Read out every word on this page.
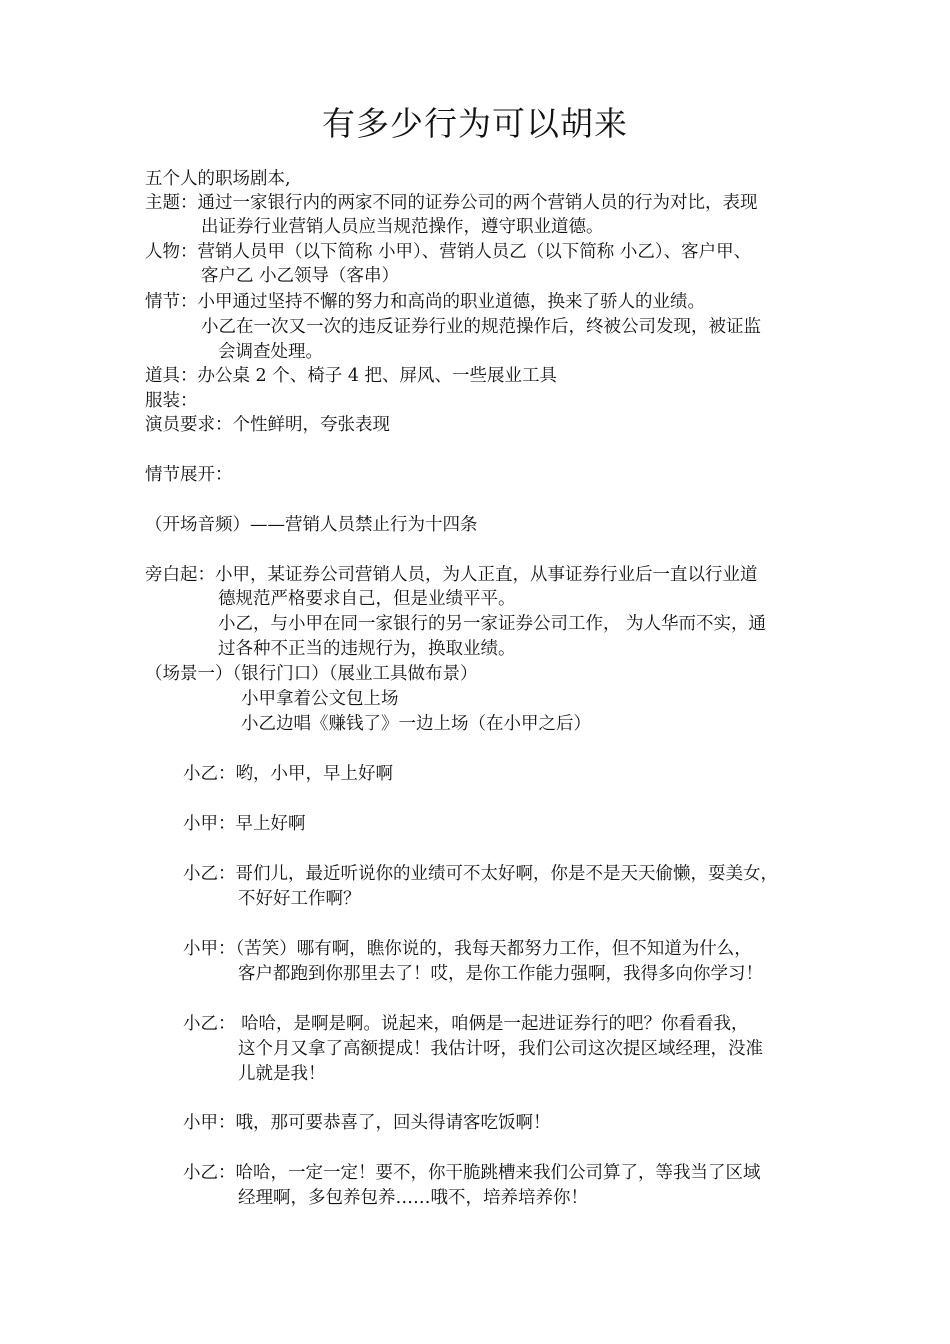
有多少行为可以胡来
五个人的职场剧本,
主题：通过一家银行内的两家不同的证券公司的两个营销人员的行为对比，表现
出证券行业营销人员应当规范操作，遵守职业道德。
人物：营销人员甲（以下简称 小甲）、营销人员乙（以下简称 小乙）、客户甲、
客户乙 小乙领导（客串）
情节：小甲通过坚持不懈的努力和高尚的职业道德，换来了骄人的业绩。
小乙在一次又一次的违反证券行业的规范操作后，终被公司发现，被证监
会调查处理。
道具：办公桌 2 个、椅子 4 把、屏风、一些展业工具
服装：
演员要求：个性鲜明，夸张表现
情节展开：
（开场音频）——营销人员禁止行为十四条
旁白起：小甲，某证券公司营销人员，为人正直，从事证券行业后一直以行业道
德规范严格要求自己，但是业绩平平。
小乙，与小甲在同一家银行的另一家证券公司工作， 为人华而不实，通
过各种不正当的违规行为，换取业绩。
（场景一）（银行门口）（展业工具做布景）
小甲拿着公文包上场
小乙边唱《赚钱了》一边上场（在小甲之后）
小乙：哟，小甲，早上好啊
小甲：早上好啊
小乙：哥们儿，最近听说你的业绩可不太好啊，你是不是天天偷懒，耍美女，
不好好工作啊？
小甲：（苦笑）哪有啊，瞧你说的，我每天都努力工作，但不知道为什么，
客户都跑到你那里去了！哎，是你工作能力强啊，我得多向你学习！
小乙： 哈哈，是啊是啊。说起来，咱俩是一起进证券行的吧？你看看我，
这个月又拿了高额提成！我估计呀，我们公司这次提区域经理，没准
儿就是我！
小甲：哦，那可要恭喜了，回头得请客吃饭啊！
小乙：哈哈，一定一定！要不，你干脆跳槽来我们公司算了，等我当了区域
经理啊，多包养包养……哦不，培养培养你！
